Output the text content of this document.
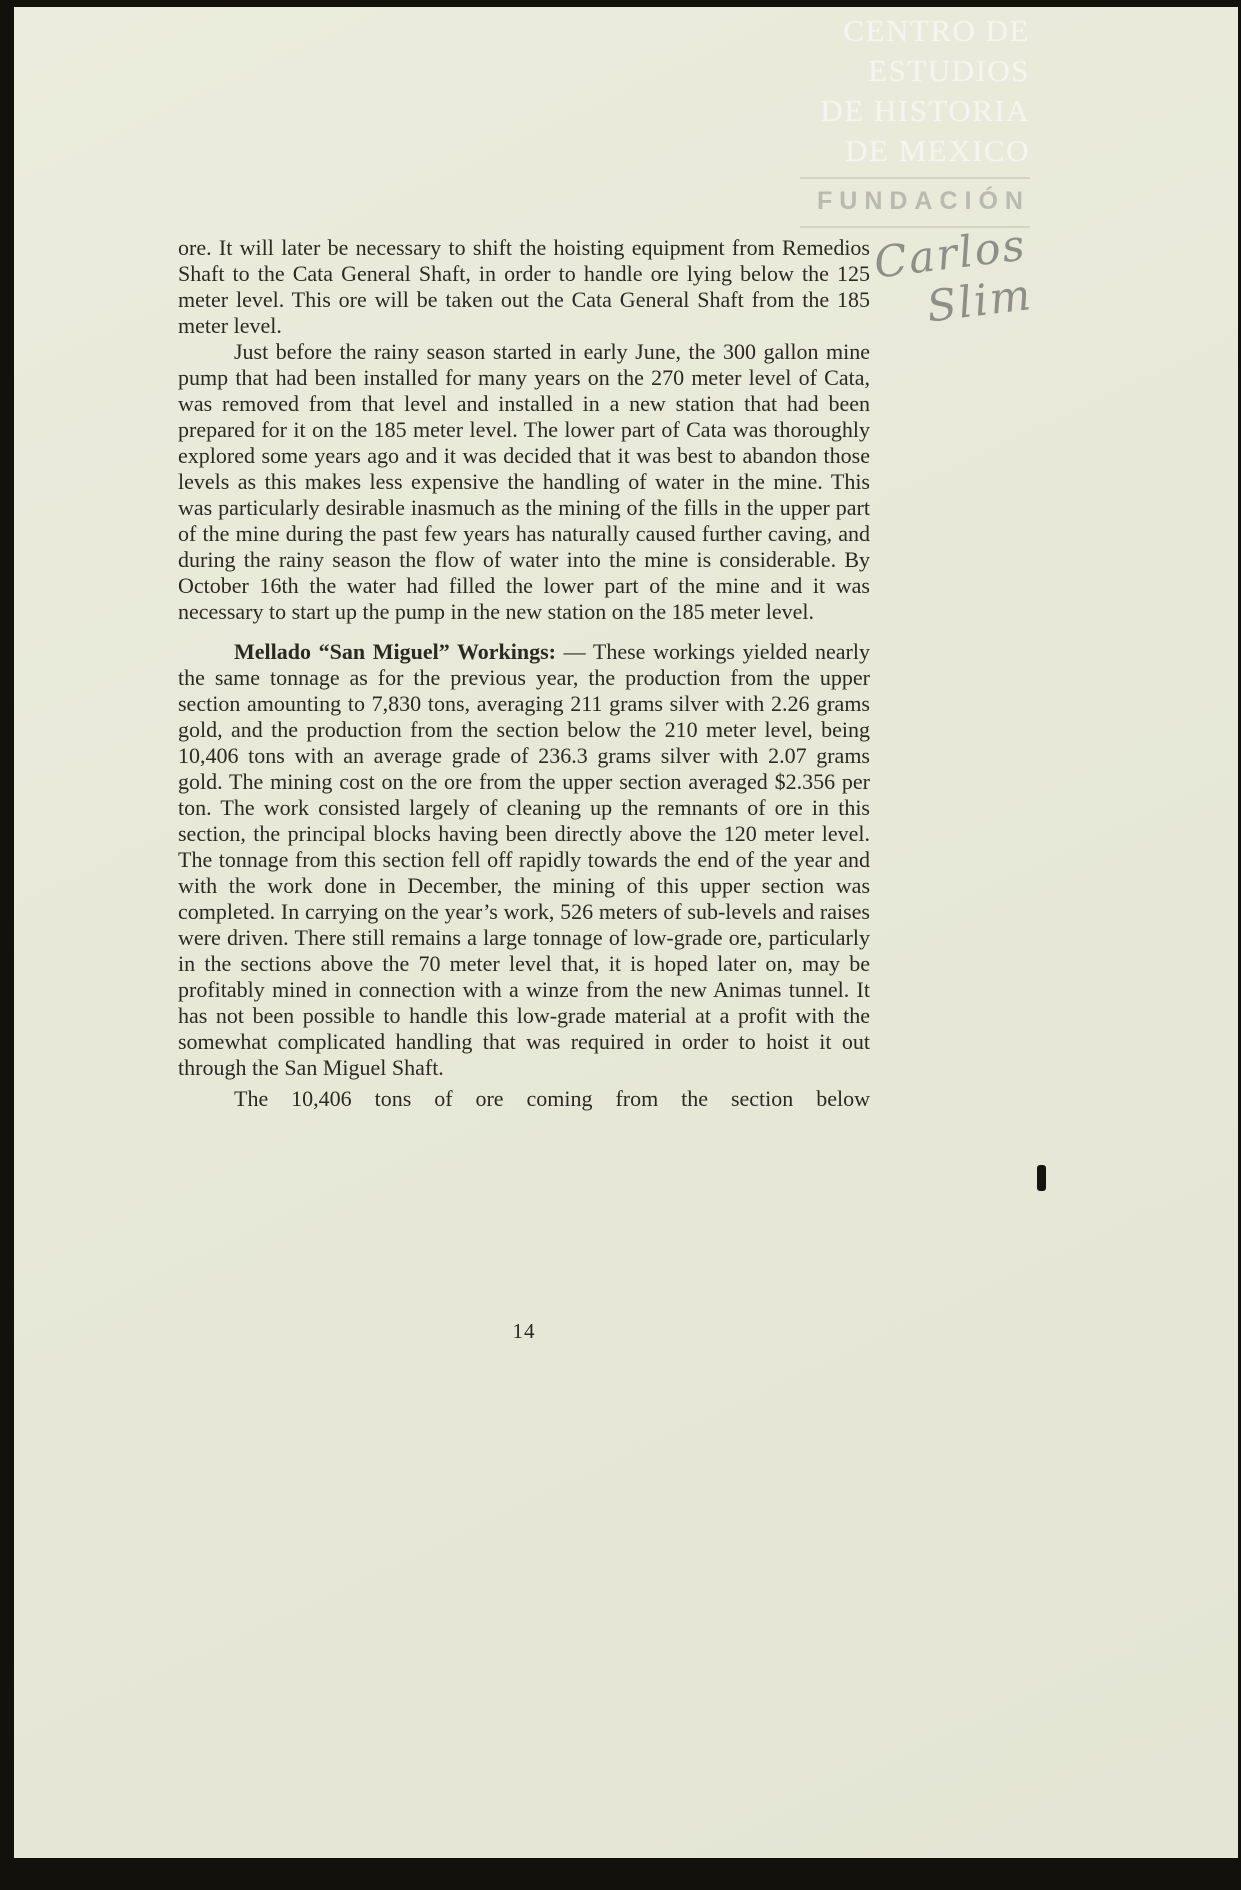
CENTRO DE
ESTUDIOS
DE HISTORIA
DE MEXICO
FUNDACIÓN
Carlos Slim

ore. It will later be necessary to shift the hoisting equipment from Remedios Shaft to the Cata General Shaft, in order to handle ore lying below the 125 meter level. This ore will be taken out the Cata General Shaft from the 185 meter level.

Just before the rainy season started in early June, the 300 gallon mine pump that had been installed for many years on the 270 meter level of Cata, was removed from that level and installed in a new station that had been prepared for it on the 185 meter level. The lower part of Cata was thoroughly explored some years ago and it was decided that it was best to abandon those levels as this makes less expensive the handling of water in the mine. This was particularly desirable inasmuch as the mining of the fills in the upper part of the mine during the past few years has naturally caused further caving, and during the rainy season the flow of water into the mine is considerable. By October 16th the water had filled the lower part of the mine and it was necessary to start up the pump in the new station on the 185 meter level.

Mellado “San Miguel” Workings: — These workings yielded nearly the same tonnage as for the previous year, the production from the upper section amounting to 7,830 tons, averaging 211 grams silver with 2.26 grams gold, and the production from the section below the 210 meter level, being 10,406 tons with an average grade of 236.3 grams silver with 2.07 grams gold. The mining cost on the ore from the upper section averaged $2.356 per ton. The work consisted largely of cleaning up the remnants of ore in this section, the principal blocks having been directly above the 120 meter level. The tonnage from this section fell off rapidly towards the end of the year and with the work done in December, the mining of this upper section was completed. In carrying on the year’s work, 526 meters of sub-levels and raises were driven. There still remains a large tonnage of low-grade ore, particularly in the sections above the 70 meter level that, it is hoped later on, may be profitably mined in connection with a winze from the new Animas tunnel. It has not been possible to handle this low-grade material at a profit with the somewhat complicated handling that was required in order to hoist it out through the San Miguel Shaft.

The 10,406 tons of ore coming from the section below

14
